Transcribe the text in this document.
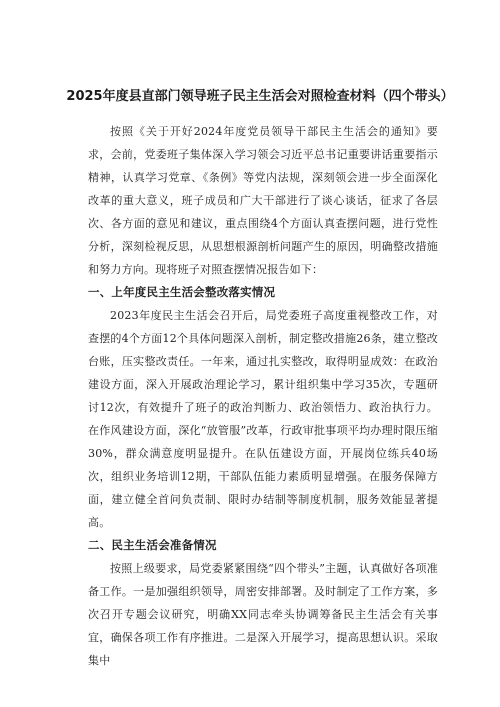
2025年度县直部门领导班子民主生活会对照检查材料（四个带头）

按照《关于开好2024年度党员领导干部民主生活会的通知》要求，会前，党委班子集体深入学习领会习近平总书记重要讲话重要指示精神，认真学习党章、《条例》等党内法规，深刻领会进一步全面深化改革的重大意义，班子成员和广大干部进行了谈心谈话，征求了各层次、各方面的意见和建议，重点围绕4个方面认真查摆问题，进行党性分析，深刻检视反思，从思想根源剖析问题产生的原因，明确整改措施和努力方向。现将班子对照查摆情况报告如下：

一、上年度民主生活会整改落实情况

2023年度民主生活会召开后，局党委班子高度重视整改工作，对查摆的4个方面12个具体问题深入剖析，制定整改措施26条，建立整改台账，压实整改责任。一年来，通过扎实整改，取得明显成效：在政治建设方面，深入开展政治理论学习，累计组织集中学习35次，专题研讨12次，有效提升了班子的政治判断力、政治领悟力、政治执行力。在作风建设方面，深化“放管服”改革，行政审批事项平均办理时限压缩30%，群众满意度明显提升。在队伍建设方面，开展岗位练兵40场次，组织业务培训12期，干部队伍能力素质明显增强。在服务保障方面，建立健全首问负责制、限时办结制等制度机制，服务效能显著提高。

二、民主生活会准备情况

按照上级要求，局党委紧紧围绕“四个带头”主题，认真做好各项准备工作。一是加强组织领导，周密安排部署。及时制定了工作方案，多次召开专题会议研究，明确XX同志牵头协调筹备民主生活会有关事宜，确保各项工作有序推进。二是深入开展学习，提高思想认识。采取集中
